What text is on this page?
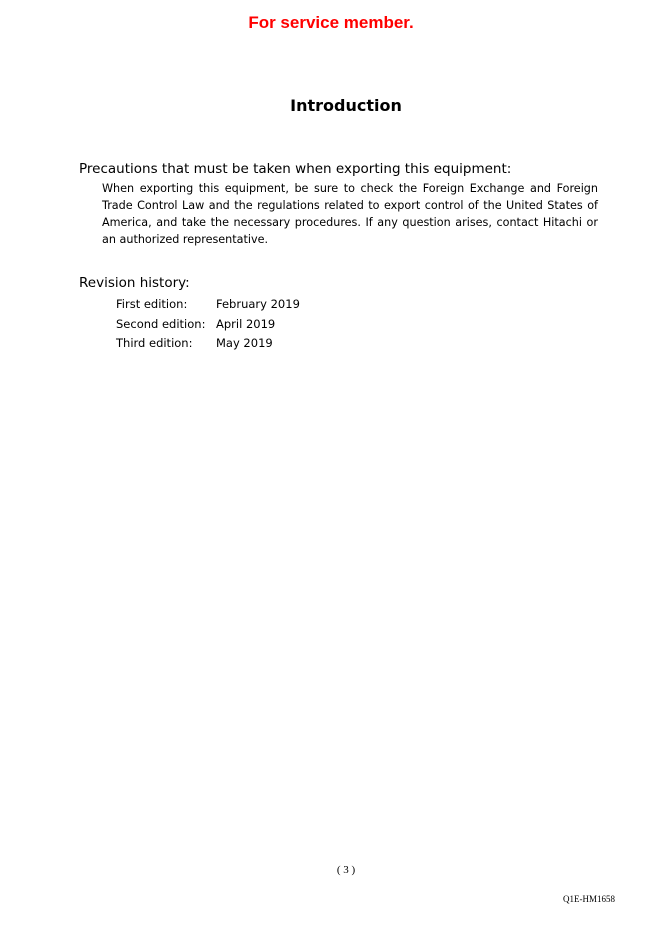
For service member.
Introduction
Precautions that must be taken when exporting this equipment:
When exporting this equipment, be sure to check the Foreign Exchange and Foreign Trade Control Law and the regulations related to export control of the United States of America, and take the necessary procedures. If any question arises, contact Hitachi or an authorized representative.
Revision history:
First edition:	February 2019
Second edition:	April 2019
Third edition:	May 2019
( 3 )
Q1E-HM1658
